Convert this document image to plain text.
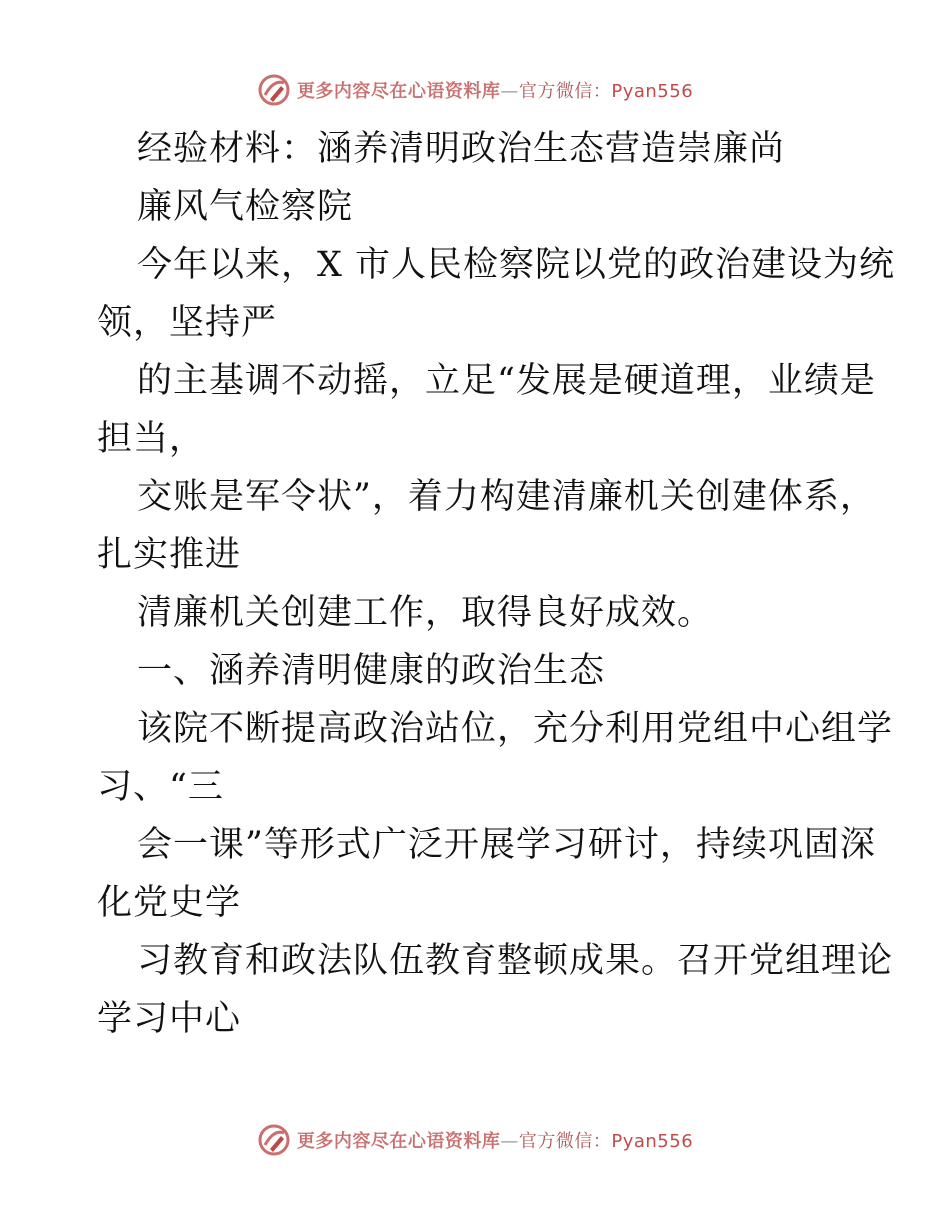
更多内容尽在心语资料库—官方微信：Pyan556
经验材料：涵养清明政治生态营造崇廉尚
廉风气检察院
今年以来，X 市人民检察院以党的政治建设为统
领，坚持严
的主基调不动摇，立足“发展是硬道理，业绩是
担当，
交账是军令状”，着力构建清廉机关创建体系，
扎实推进
清廉机关创建工作，取得良好成效。
一、涵养清明健康的政治生态
该院不断提高政治站位，充分利用党组中心组学
习、“三
会一课”等形式广泛开展学习研讨，持续巩固深
化党史学
习教育和政法队伍教育整顿成果。召开党组理论
学习中心
更多内容尽在心语资料库—官方微信：Pyan556
